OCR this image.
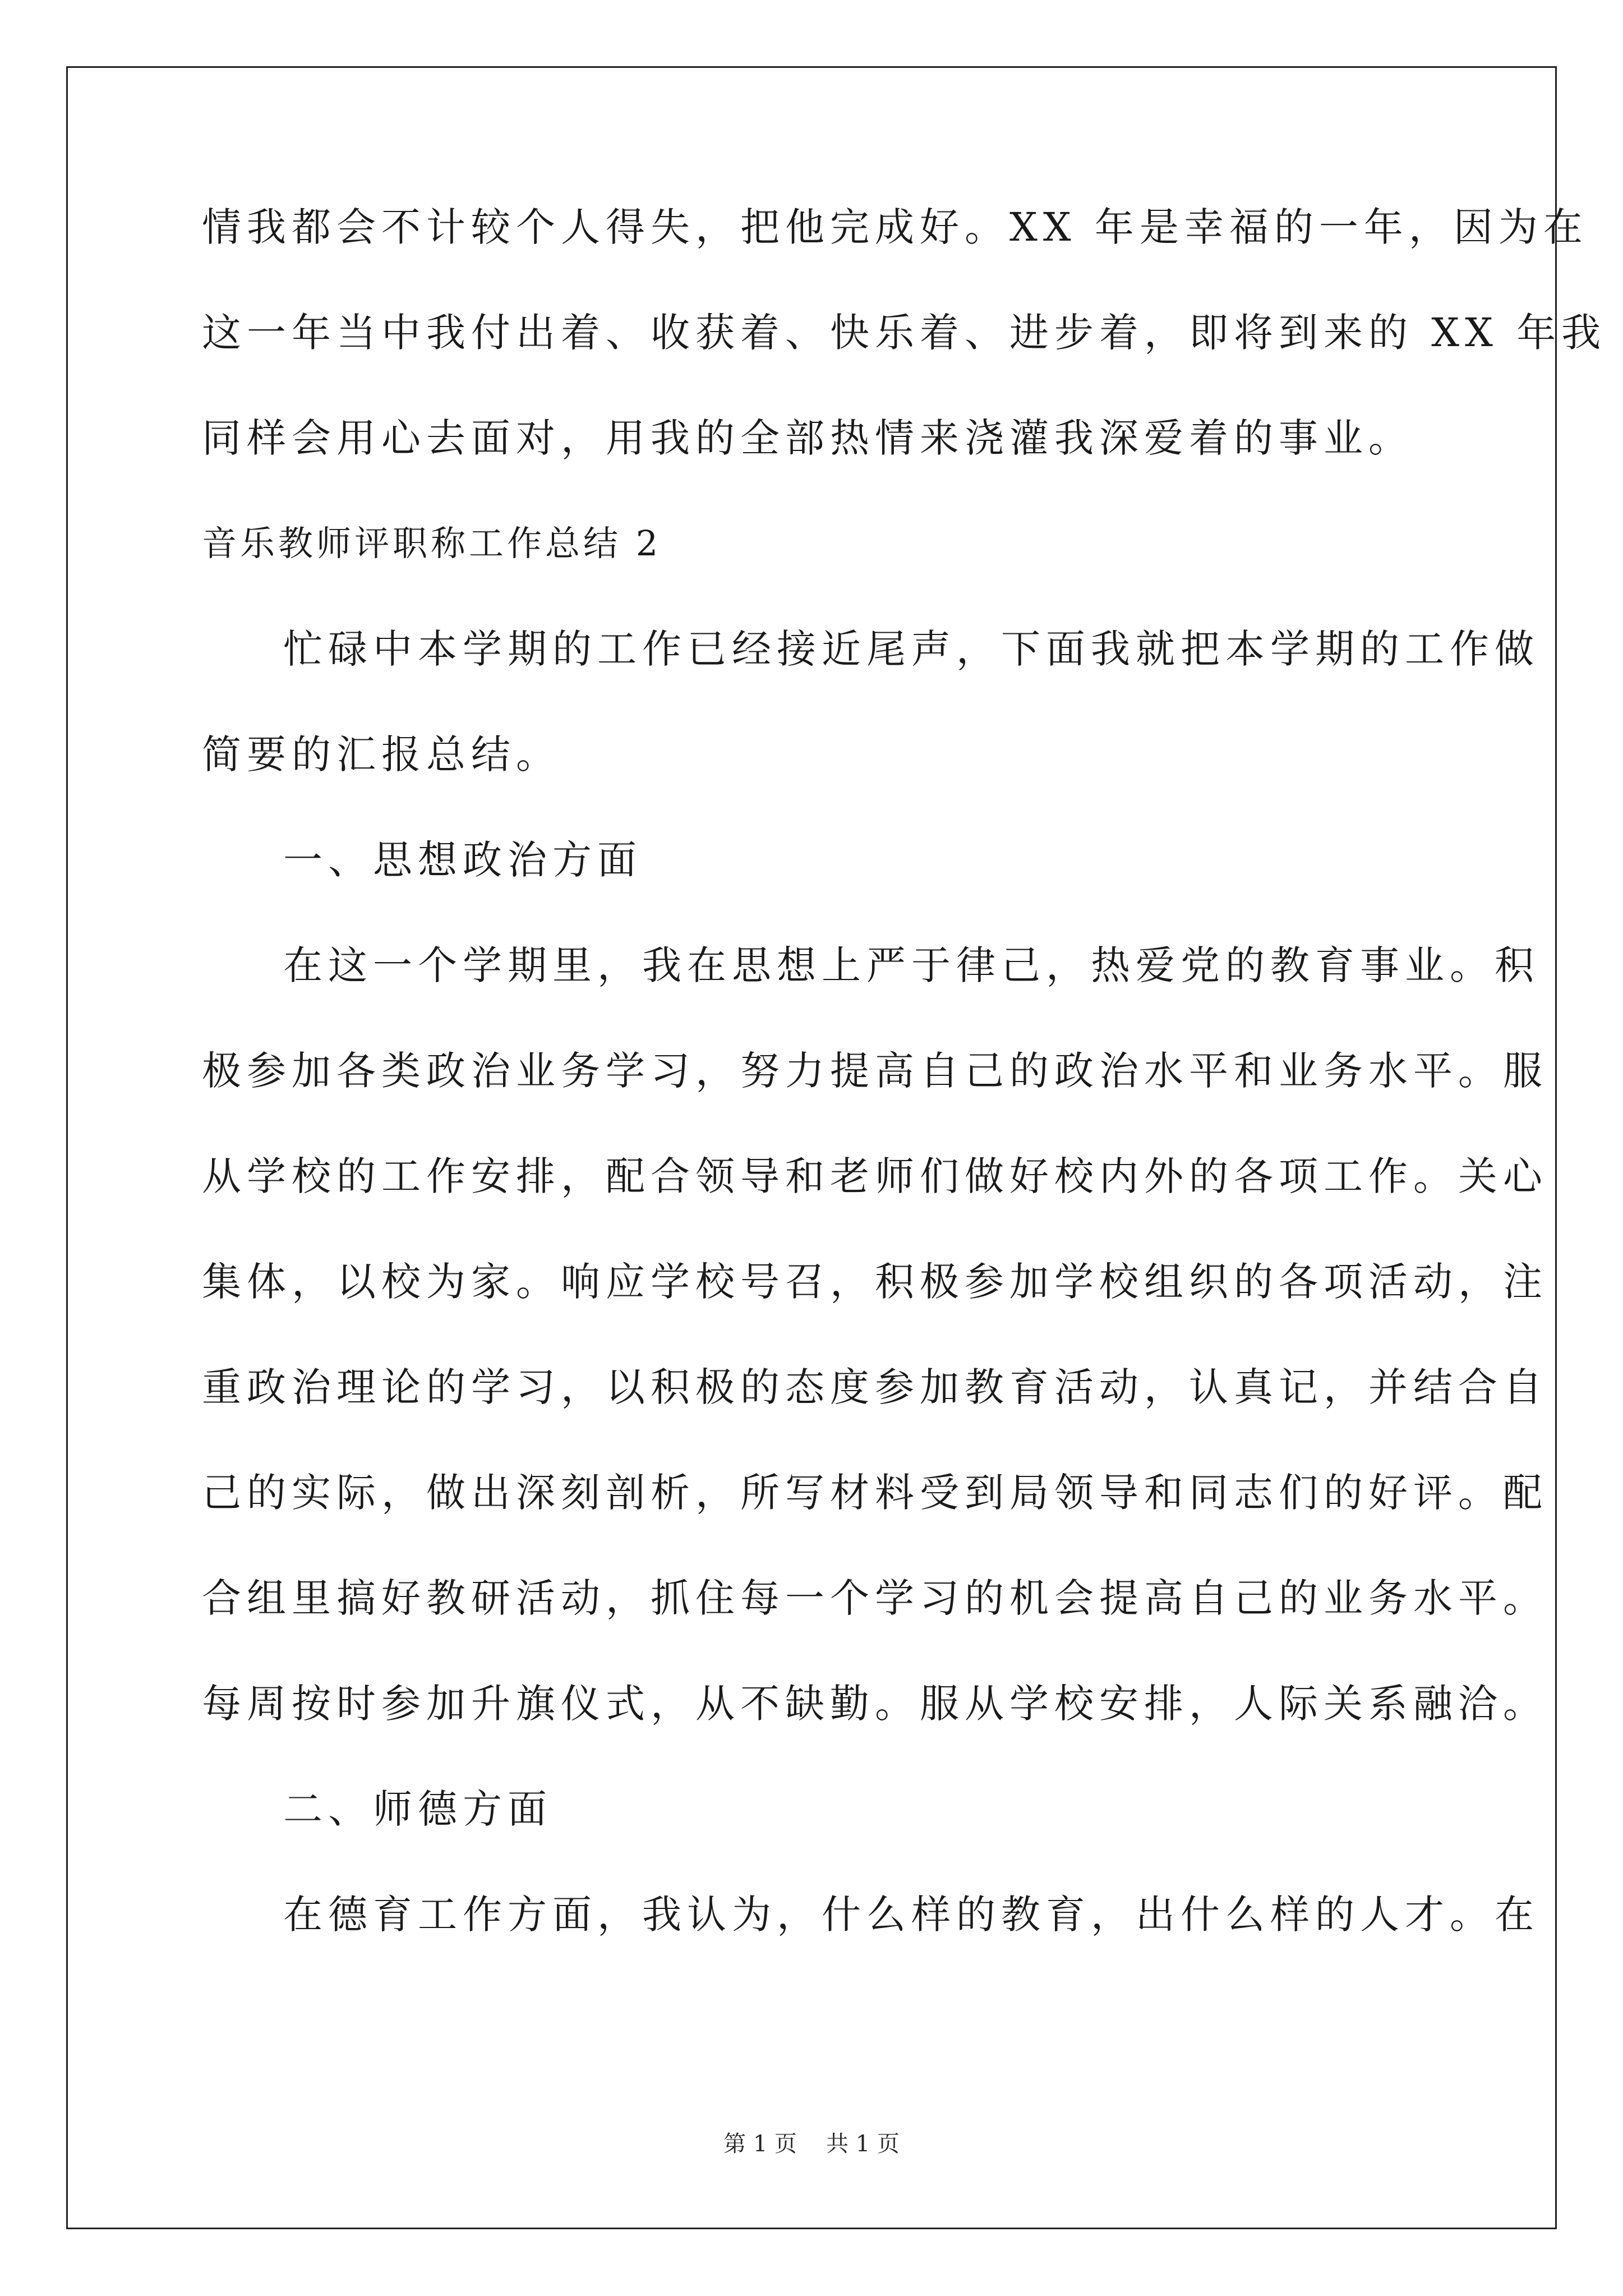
情我都会不计较个人得失，把他完成好。XX 年是幸福的一年，因为在
这一年当中我付出着、收获着、快乐着、进步着，即将到来的 XX 年我
同样会用心去面对，用我的全部热情来浇灌我深爱着的事业。
音乐教师评职称工作总结 2
忙碌中本学期的工作已经接近尾声，下面我就把本学期的工作做
简要的汇报总结。
一、思想政治方面
在这一个学期里，我在思想上严于律己，热爱党的教育事业。积
极参加各类政治业务学习，努力提高自己的政治水平和业务水平。服
从学校的工作安排，配合领导和老师们做好校内外的各项工作。关心
集体，以校为家。响应学校号召，积极参加学校组织的各项活动，注
重政治理论的学习，以积极的态度参加教育活动，认真记，并结合自
己的实际，做出深刻剖析，所写材料受到局领导和同志们的好评。配
合组里搞好教研活动，抓住每一个学习的机会提高自己的业务水平。
每周按时参加升旗仪式，从不缺勤。服从学校安排，人际关系融洽。
二、师德方面
在德育工作方面，我认为，什么样的教育，出什么样的人才。在
第 1 页 共 1 页
